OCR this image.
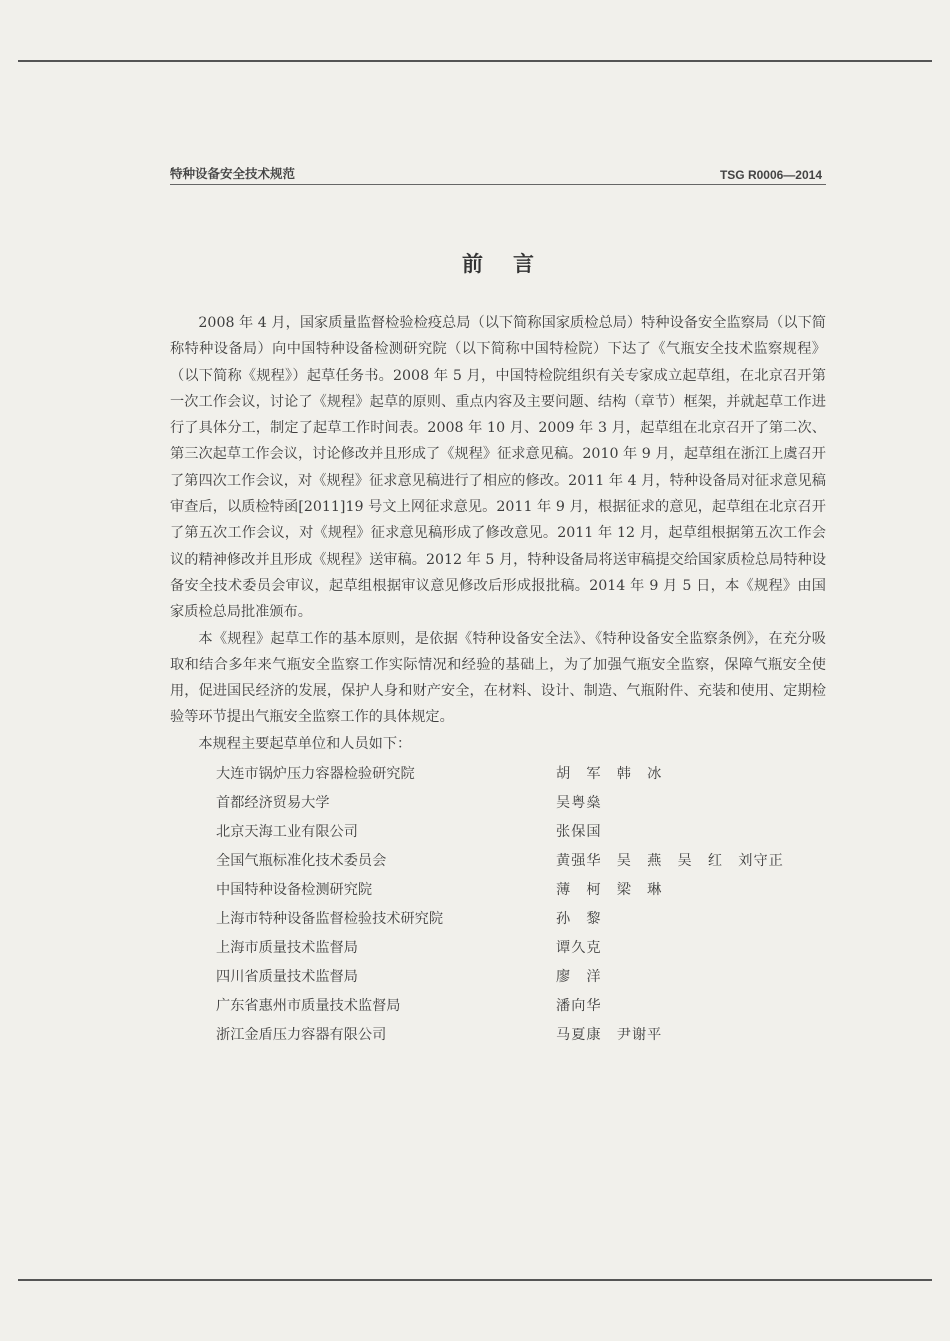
特种设备安全技术规范	TSG R0006—2014
前言

2008 年 4 月，国家质量监督检验检疫总局（以下简称国家质检总局）特种设备安全监察局（以下简称特种设备局）向中国特种设备检测研究院（以下简称中国特检院）下达了《气瓶安全技术监察规程》（以下简称《规程》）起草任务书。2008 年 5 月，中国特检院组织有关专家成立起草组，在北京召开第一次工作会议，讨论了《规程》起草的原则、重点内容及主要问题、结构（章节）框架，并就起草工作进行了具体分工，制定了起草工作时间表。2008 年 10 月、2009 年 3 月，起草组在北京召开了第二次、第三次起草工作会议，讨论修改并且形成了《规程》征求意见稿。2010 年 9 月，起草组在浙江上虞召开了第四次工作会议，对《规程》征求意见稿进行了相应的修改。2011 年 4 月，特种设备局对征求意见稿审查后，以质检特函[2011]19 号文上网征求意见。2011 年 9 月，根据征求的意见，起草组在北京召开了第五次工作会议，对《规程》征求意见稿形成了修改意见。2011 年 12 月，起草组根据第五次工作会议的精神修改并且形成《规程》送审稿。2012 年 5 月，特种设备局将送审稿提交给国家质检总局特种设备安全技术委员会审议，起草组根据审议意见修改后形成报批稿。2014 年 9 月 5 日，本《规程》由国家质检总局批准颁布。

本《规程》起草工作的基本原则，是依据《特种设备安全法》、《特种设备安全监察条例》，在充分吸取和结合多年来气瓶安全监察工作实际情况和经验的基础上，为了加强气瓶安全监察，保障气瓶安全使用，促进国民经济的发展，保护人身和财产安全，在材料、设计、制造、气瓶附件、充装和使用、定期检验等环节提出气瓶安全监察工作的具体规定。

本规程主要起草单位和人员如下：

大连市锅炉压力容器检验研究院	胡　军　韩　冰
首都经济贸易大学	吴粤燊
北京天海工业有限公司	张保国
全国气瓶标准化技术委员会	黄强华　吴　燕　吴　红　刘守正
中国特种设备检测研究院	薄　柯　梁　琳
上海市特种设备监督检验技术研究院	孙　黎
上海市质量技术监督局	谭久克
四川省质量技术监督局	廖　洋
广东省惠州市质量技术监督局	潘向华
浙江金盾压力容器有限公司	马夏康　尹谢平
